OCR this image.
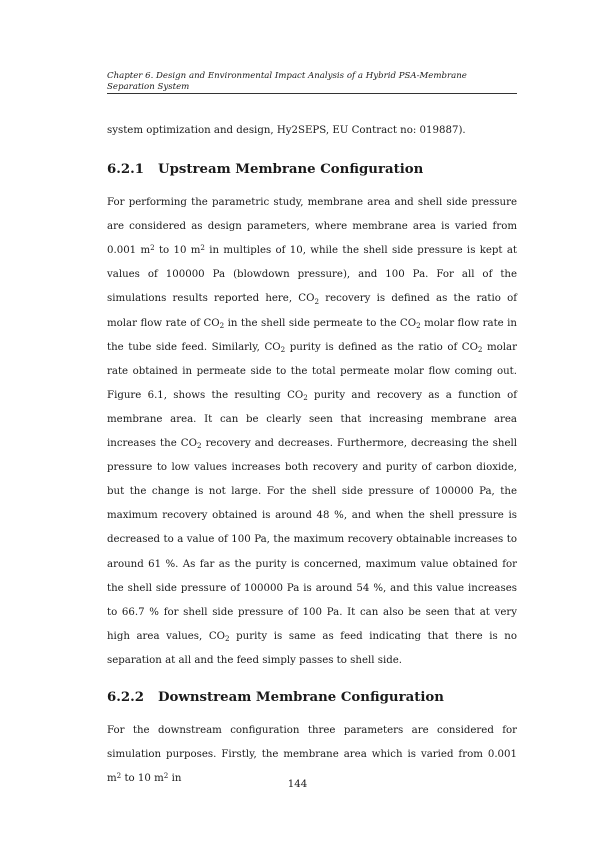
Chapter 6. Design and Environmental Impact Analysis of a Hybrid PSA-Membrane
Separation System

system optimization and design, Hy2SEPS, EU Contract no: 019887).

6.2.1 Upstream Membrane Configuration

For performing the parametric study, membrane area and shell side pressure are considered as design parameters, where membrane area is varied from 0.001 $m^2$ to 10 $m^2$ in multiples of 10, while the shell side pressure is kept at values of 100000 Pa (blowdown pressure), and 100 Pa. For all of the simulations results reported here, $CO_2$ recovery is defined as the ratio of molar flow rate of $CO_2$ in the shell side permeate to the $CO_2$ molar flow rate in the tube side feed. Similarly, $CO_2$ purity is defined as the ratio of $CO_2$ molar rate obtained in permeate side to the total permeate molar flow coming out. Figure 6.1, shows the resulting $CO_2$ purity and recovery as a function of membrane area. It can be clearly seen that increasing membrane area increases the $CO_2$ recovery and decreases. Furthermore, decreasing the shell pressure to low values increases both recovery and purity of carbon dioxide, but the change is not large. For the shell side pressure of 100000 Pa, the maximum recovery obtained is around 48 %, and when the shell pressure is decreased to a value of 100 Pa, the maximum recovery obtainable increases to around 61 %. As far as the purity is concerned, maximum value obtained for the shell side pressure of 100000 Pa is around 54 %, and this value increases to 66.7 % for shell side pressure of 100 Pa. It can also be seen that at very high area values, $CO_2$ purity is same as feed indicating that there is no separation at all and the feed simply passes to shell side.

6.2.2 Downstream Membrane Configuration

For the downstream configuration three parameters are considered for simulation purposes. Firstly, the membrane area which is varied from 0.001 $m^2$ to 10 $m^2$ in

144
